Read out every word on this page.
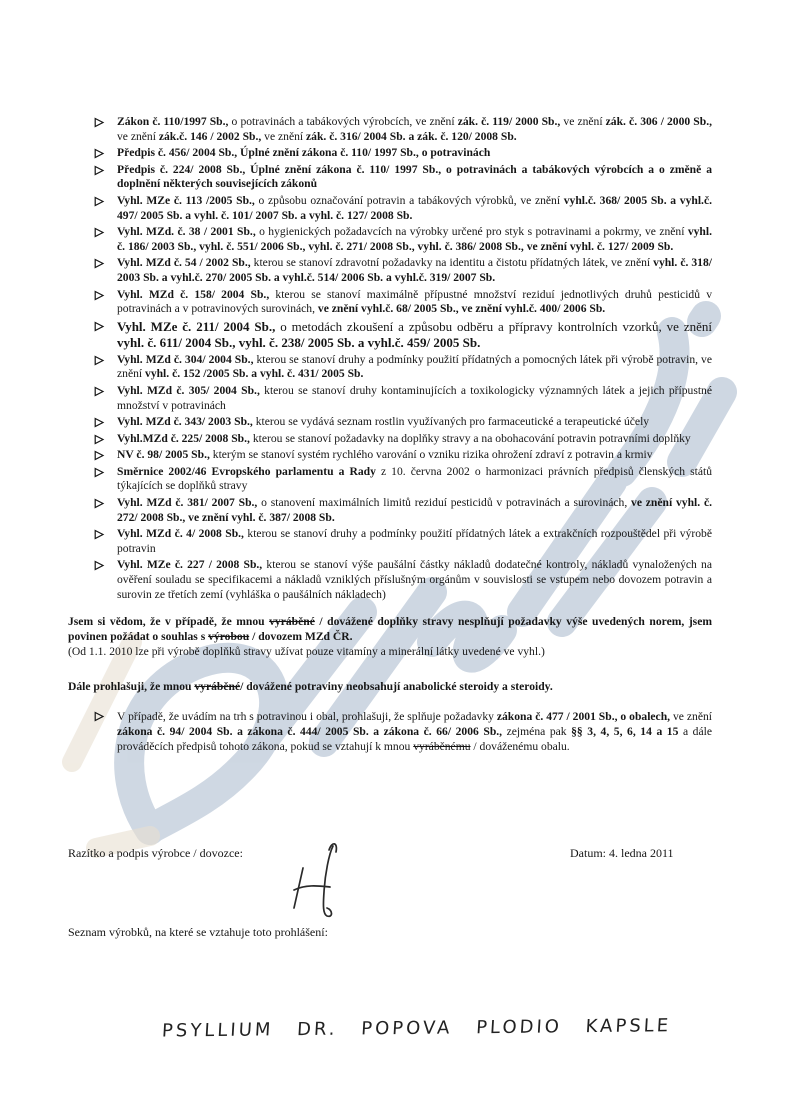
Zákon č. 110/1997 Sb., o potravinách a tabákových výrobcích, ve znění zák. č. 119/ 2000 Sb., ve znění zák. č. 306 / 2000 Sb., ve znění zák.č. 146 / 2002 Sb., ve znění zák. č. 316/ 2004 Sb. a zák. č. 120/ 2008 Sb.
Předpis č. 456/ 2004 Sb., Úplné znění zákona č. 110/ 1997 Sb., o potravinách
Předpis č. 224/ 2008 Sb., Úplné znění zákona č. 110/ 1997 Sb., o potravinách a tabákových výrobcích a o změně a doplnění některých souvisejících zákonů
Vyhl. MZe č. 113 /2005 Sb., o způsobu označování potravin a tabákových výrobků, ve znění vyhl.č. 368/ 2005 Sb. a vyhl.č. 497/ 2005 Sb. a vyhl. č. 101/ 2007 Sb. a vyhl. č. 127/ 2008 Sb.
Vyhl. MZd. č. 38 / 2001 Sb., o hygienických požadavcích na výrobky určené pro styk s potravinami a pokrmy, ve znění vyhl. č. 186/ 2003 Sb., vyhl. č. 551/ 2006 Sb., vyhl. č. 271/ 2008 Sb., vyhl. č. 386/ 2008 Sb., ve znění vyhl. č. 127/ 2009 Sb.
Vyhl. MZd č. 54 / 2002 Sb., kterou se stanoví zdravotní požadavky na identitu a čistotu přídatných látek, ve znění vyhl. č. 318/ 2003 Sb. a vyhl.č. 270/ 2005 Sb. a vyhl.č. 514/ 2006 Sb. a vyhl.č. 319/ 2007 Sb.
Vyhl. MZd č. 158/ 2004 Sb., kterou se stanoví maximálně přípustné množství reziduí jednotlivých druhů pesticidů v potravinách a v potravinových surovinách, ve znění vyhl.č. 68/ 2005 Sb., ve znění vyhl.č. 400/ 2006 Sb.
Vyhl. MZe č. 211/ 2004 Sb., o metodách zkoušení a způsobu odběru a přípravy kontrolních vzorků, ve znění vyhl. č. 611/ 2004 Sb., vyhl. č. 238/ 2005 Sb. a vyhl.č. 459/ 2005 Sb.
Vyhl. MZd č. 304/ 2004 Sb., kterou se stanoví druhy a podmínky použití přídatných a pomocných látek při výrobě potravin, ve znění vyhl. č. 152 /2005 Sb. a vyhl. č. 431/ 2005 Sb.
Vyhl. MZd č. 305/ 2004 Sb., kterou se stanoví druhy kontaminujících a toxikologicky významných látek a jejich přípustné množství v potravinách
Vyhl. MZd č. 343/ 2003 Sb., kterou se vydává seznam rostlin využívaných pro farmaceutické a terapeutické účely
Vyhl.MZd č. 225/ 2008 Sb., kterou se stanoví požadavky na doplňky stravy a na obohacování potravin potravními doplňky
NV č. 98/ 2005 Sb., kterým se stanoví systém rychlého varování o vzniku rizika ohrožení zdraví z potravin a krmiv
Směrnice 2002/46 Evropského parlamentu a Rady z 10. června 2002 o harmonizaci právních předpisů členských států týkajících se doplňků stravy
Vyhl. MZd č. 381/ 2007 Sb., o stanovení maximálních limitů reziduí pesticidů v potravinách a surovinách, ve znění vyhl. č. 272/ 2008 Sb., ve znění vyhl. č. 387/ 2008 Sb.
Vyhl. MZd č. 4/ 2008 Sb., kterou se stanoví druhy a podmínky použití přídatných látek a extrakčních rozpouštědel při výrobě potravin
Vyhl. MZe č. 227 / 2008 Sb., kterou se stanoví výše paušální částky nákladů dodatečné kontroly, nákladů vynaložených na ověření souladu se specifikacemi a nákladů vzniklých příslušným orgánům v souvislosti se vstupem nebo dovozem potravin a surovin ze třetích zemí (vyhláška o paušálních nákladech)
Jsem si vědom, že v případě, že mnou vyráběné / dovážené doplňky stravy nesplňují požadavky výše uvedených norem, jsem povinen požádat o souhlas s výrobou / dovozem MZd ČR.
(Od 1.1. 2010 lze při výrobě doplňků stravy užívat pouze vitamíny a minerální látky uvedené ve vyhl.)
Dále prohlašuji, že mnou vyráběné/ dovážené potraviny neobsahují anabolické steroidy a steroidy.
V případě, že uvádím na trh s potravinou i obal, prohlašuji, že splňuje požadavky zákona č. 477 / 2001 Sb., o obalech, ve znění zákona č. 94/ 2004 Sb. a zákona č. 444/ 2005 Sb. a zákona č. 66/ 2006 Sb., zejména pak §§ 3, 4, 5, 6, 14 a 15 a dále prováděcích předpisů tohoto zákona, pokud se vztahují k mnou vyráběnému / dováženému obalu.
Razítko a podpis výrobce / dovozce:	Datum: 4. ledna 2011
Seznam výrobků, na které se vztahuje toto prohlášení:
PSYLLIUM DR. POPOVA PLODIO KAPSLE
